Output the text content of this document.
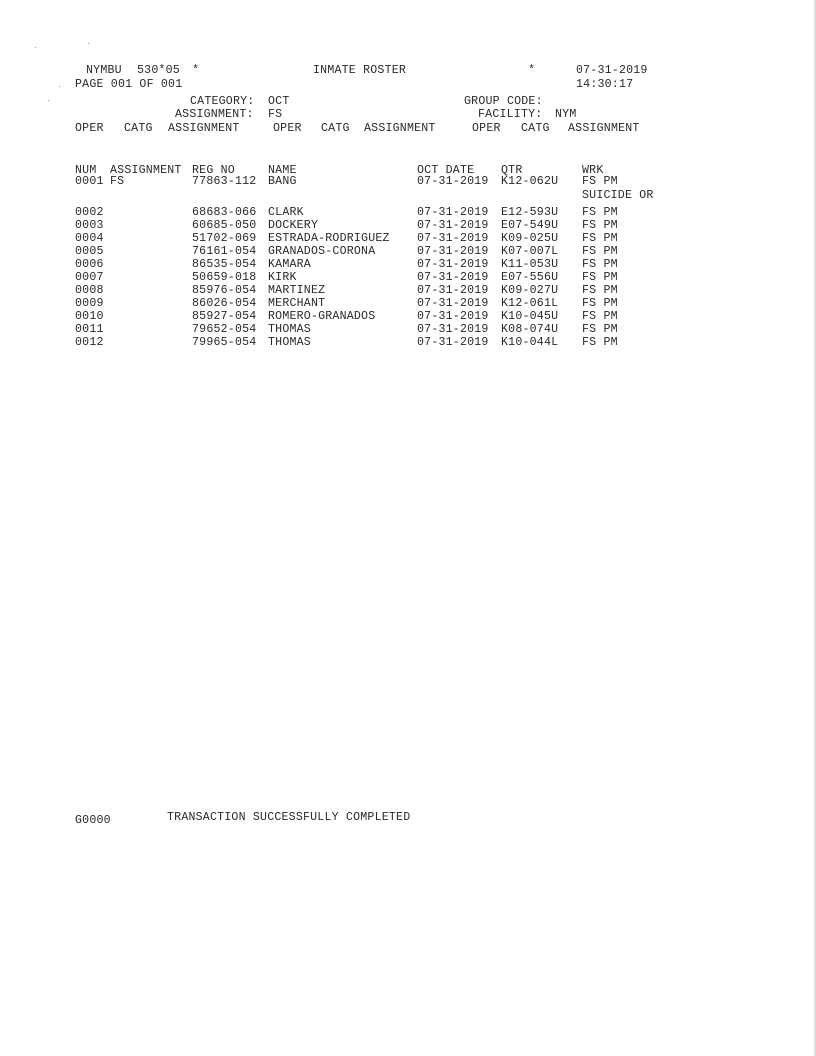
NYMBU 530*05 *	INMATE ROSTER	*	07-31-2019
PAGE 001 OF 001	14:30:17
CATEGORY: OCT	GROUP CODE:
ASSIGNMENT: FS	FACILITY: NYM
OPER CATG ASSIGNMENT	OPER CATG ASSIGNMENT	OPER CATG ASSIGNMENT
NUM ASSIGNMENT REG NO	NAME	OCT DATE QTR	WRK
0001 FS	77863-112 BANG	07-31-2019 K12-062U FS PM
SUICIDE OR
0002	68683-066 CLARK	07-31-2019 E12-593U FS PM
0003	60685-050 DOCKERY	07-31-2019 E07-549U FS PM
0004	51702-069 ESTRADA-RODRIGUEZ 07-31-2019 K09-025U FS PM
0005	76161-054 GRANADOS-CORONA	07-31-2019 K07-007L FS PM
0006	86535-054 KAMARA	07-31-2019 K11-053U FS PM
0007	50659-018 KIRK	07-31-2019 E07-556U FS PM
0008	85976-054 MARTINEZ	07-31-2019 K09-027U FS PM
0009	86026-054 MERCHANT	07-31-2019 K12-061L FS PM
0010	85927-054 ROMERO-GRANADOS	07-31-2019 K10-045U FS PM
0011	79652-054 THOMAS	07-31-2019 K08-074U FS PM
0012	79965-054 THOMAS	07-31-2019 K10-044L FS PM
G0000	TRANSACTION SUCCESSFULLY COMPLETED
